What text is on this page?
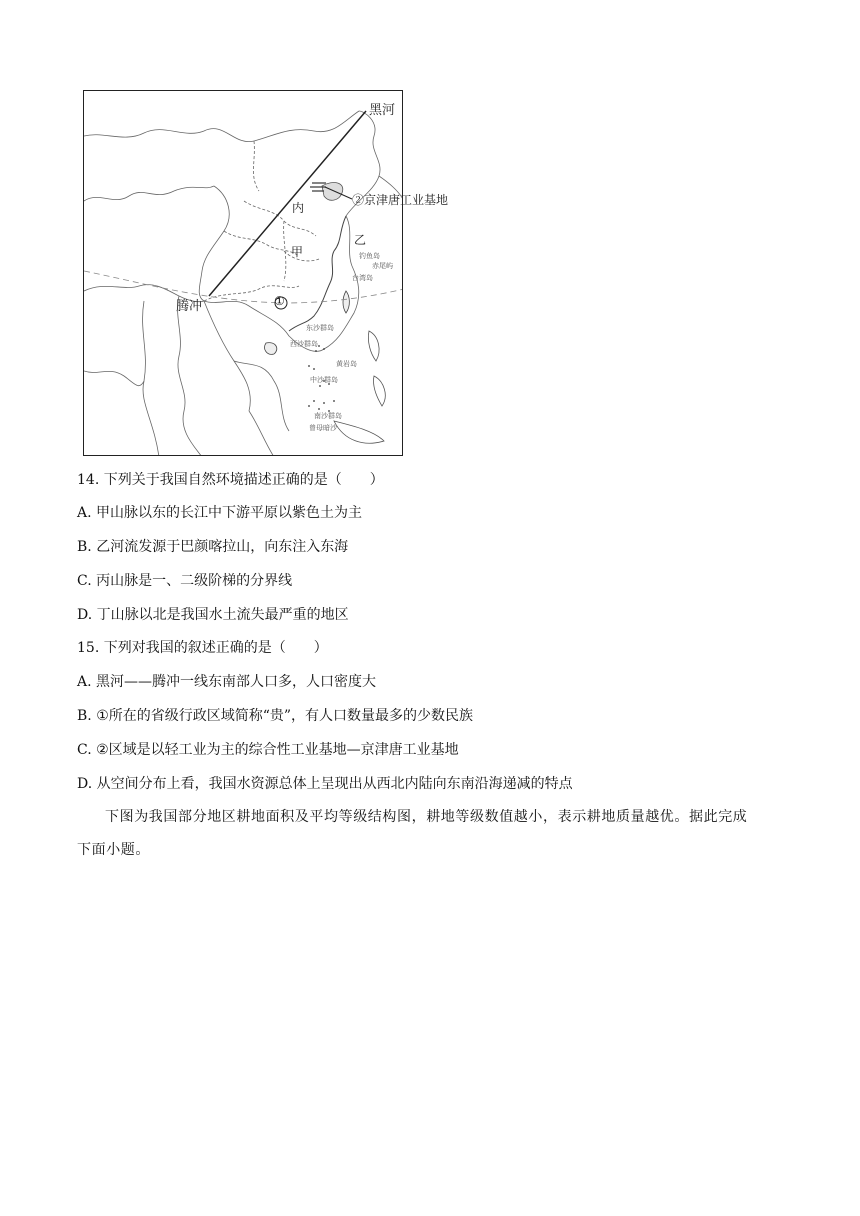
黑河
腾冲	①
内
甲
乙
台湾岛
东沙群岛
西沙群岛
中沙群岛
黄岩岛
南沙群岛
曾母暗沙
钓鱼岛
赤尾屿
②京津唐工业基地
14. 下列关于我国自然环境描述正确的是（　　）
A. 甲山脉以东的长江中下游平原以紫色土为主
B. 乙河流发源于巴颜喀拉山，向东注入东海
C. 丙山脉是一、二级阶梯的分界线
D. 丁山脉以北是我国水土流失最严重的地区
15. 下列对我国的叙述正确的是（　　）
A. 黑河——腾冲一线东南部人口多，人口密度大
B. ①所在的省级行政区域简称“贵”，有人口数量最多的少数民族
C. ②区域是以轻工业为主的综合性工业基地—京津唐工业基地
D. 从空间分布上看，我国水资源总体上呈现出从西北内陆向东南沿海递减的特点
下图为我国部分地区耕地面积及平均等级结构图，耕地等级数值越小，表示耕地质量越优。据此完成
下面小题。
